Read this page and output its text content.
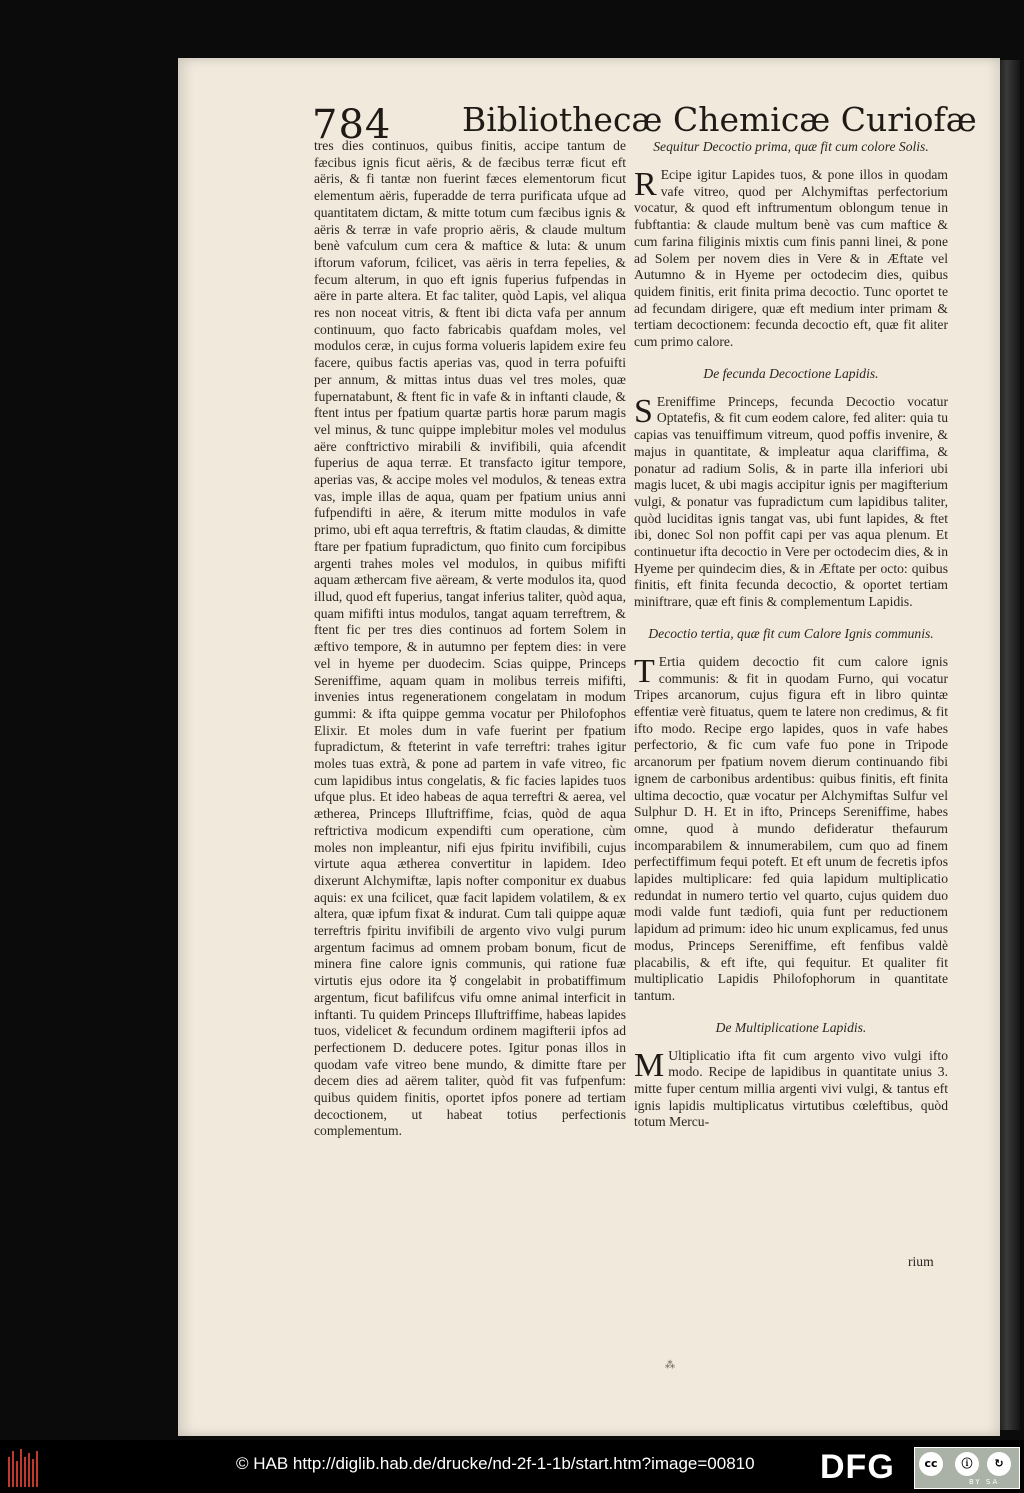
784 Bibliothecæ Chemicæ Curiofæ

tres dies continuos, quibus finitis, accipe tantum de fæcibus ignis ficut aëris, & de fæcibus terræ ficut eft aëris, & fi tantæ non fuerint fæces elementorum ficut elementum aëris, fuperadde de terra purificata ufque ad quantitatem dictam, & mitte totum cum fæcibus ignis & aëris & terræ in vafe proprio aëris, & claude multum benè vafculum cum cera & maftice & luta: & unum iftorum vaforum, fcilicet, vas aëris in terra fepelies, & fecum alterum, in quo eft ignis fuperius fufpendas in aëre in parte altera. Et fac taliter, quòd Lapis, vel aliqua res non noceat vitris, & ftent ibi dicta vafa per annum continuum, quo facto fabricabis quafdam moles, vel modulos ceræ, in cujus forma volueris lapidem exire feu facere, quibus factis aperias vas, quod in terra pofuifti per annum, & mittas intus duas vel tres moles, quæ fupernatabunt, & ftent fic in vafe & in inftanti claude, & ftent intus per fpatium quartæ partis horæ parum magis vel minus, & tunc quippe implebitur moles vel modulus aëre conftrictivo mirabili & invifibili, quia afcendit fuperius de aqua terræ. Et transfacto igitur tempore, aperias vas, & accipe moles vel modulos, & teneas extra vas, imple illas de aqua, quam per fpatium unius anni fufpendifti in aëre, & iterum mitte modulos in vafe primo, ubi eft aqua terreftris, & ftatim claudas, & dimitte ftare per fpatium fupradictum, quo finito cum forcipibus argenti trahes moles vel modulos, in quibus mififti aquam æthercam five aëream, & verte modulos ita, quod illud, quod eft fuperius, tangat inferius taliter, quòd aqua, quam mififti intus modulos, tangat aquam terreftrem, & ftent fic per tres dies continuos ad fortem Solem in æftivo tempore, & in autumno per feptem dies: in vere vel in hyeme per duodecim. Scias quippe, Princeps Sereniffime, aquam quam in molibus terreis mififti, invenies intus regenerationem congelatam in modum gummi: & ifta quippe gemma vocatur per Philofophos Elixir. Et moles dum in vafe fuerint per fpatium fupradictum, & fteterint in vafe terreftri: trahes igitur moles tuas extrà, & pone ad partem in vafe vitreo, fic cum lapidibus intus congelatis, & fic facies lapides tuos ufque plus. Et ideo habeas de aqua terreftri & aerea, vel ætherea, Princeps Illuftriffime, fcias, quòd de aqua reftrictiva modicum expendifti cum operatione, cùm moles non impleantur, nifi ejus fpiritu invifibili, cujus virtute aqua ætherea convertitur in lapidem. Ideo dixerunt Alchymiftæ, lapis nofter componitur ex duabus aquis: ex una fcilicet, quæ facit lapidem volatilem, & ex altera, quæ ipfum fixat & indurat. Cum tali quippe aquæ terreftris fpiritu invifibili de argento vivo vulgi purum argentum facimus ad omnem probam bonum, ficut de minera fine calore ignis communis, qui ratione fuæ virtutis ejus odore ita ☿ congelabit in probatiffimum argentum, ficut bafilifcus vifu omne animal interficit in inftanti. Tu quidem Princeps Illuftriffime, habeas lapides tuos, videlicet & fecundum ordinem magifterii ipfos ad perfectionem D. deducere potes. Igitur ponas illos in quodam vafe vitreo bene mundo, & dimitte ftare per decem dies ad aërem taliter, quòd fit vas fufpenfum: quibus quidem finitis, oportet ipfos ponere ad tertiam decoctionem, ut habeat totius perfectionis complementum.

Sequitur Decoctio prima, quæ fit cum colore Solis.

R Ecipe igitur Lapides tuos, & pone illos in quodam vafe vitreo, quod per Alchymiftas perfectorium vocatur, & quod eft inftrumentum oblongum tenue in fubftantia: & claude multum benè vas cum maftice & cum farina filiginis mixtis cum finis panni linei, & pone ad Solem per novem dies in Vere & in Æftate vel Autumno & in Hyeme per octodecim dies, quibus quidem finitis, erit finita prima decoctio. Tunc oportet te ad fecundam dirigere, quæ eft medium inter primam & tertiam decoctionem: fecunda decoctio eft, quæ fit aliter cum primo calore.

De fecunda Decoctione Lapidis.

S Ereniffime Princeps, fecunda Decoctio vocatur Optatefis, & fit cum eodem calore, fed aliter: quia tu capias vas tenuiffimum vitreum, quod poffis invenire, & majus in quantitate, & impleatur aqua clariffima, & ponatur ad radium Solis, & in parte illa inferiori ubi magis lucet, & ubi magis accipitur ignis per magifterium vulgi, & ponatur vas fupradictum cum lapidibus taliter, quòd luciditas ignis tangat vas, ubi funt lapides, & ftet ibi, donec Sol non poffit capi per vas aqua plenum. Et continuetur ifta decoctio in Vere per octodecim dies, & in Hyeme per quindecim dies, & in Æftate per octo: quibus finitis, eft finita fecunda decoctio, & oportet tertiam miniftrare, quæ eft finis & complementum Lapidis.

Decoctio tertia, quæ fit cum Calore Ignis communis.

T Ertia quidem decoctio fit cum calore ignis communis: & fit in quodam Furno, qui vocatur Tripes arcanorum, cujus figura eft in libro quintæ effentiæ verè fituatus, quem te latere non credimus, & fit ifto modo. Recipe ergo lapides, quos in vafe habes perfectorio, & fic cum vafe fuo pone in Tripode arcanorum per fpatium novem dierum continuando fibi ignem de carbonibus ardentibus: quibus finitis, eft finita ultima decoctio, quæ vocatur per Alchymiftas Sulfur vel Sulphur D. H. Et in ifto, Princeps Sereniffime, habes omne, quod à mundo defideratur thefaurum incomparabilem & innumerabilem, cum quo ad finem perfectiffimum fequi poteft. Et eft unum de fecretis ipfos lapides multiplicare: fed quia lapidum multiplicatio redundat in numero tertio vel quarto, cujus quidem duo modi valde funt tædiofi, quia funt per reductionem lapidum ad primum: ideo hic unum explicamus, fed unus modus, Princeps Sereniffime, eft fenfibus valdè placabilis, & eft ifte, qui fequitur. Et qualiter fit multiplicatio Lapidis Philofophorum in quantitate tantum.

De Multiplicatione Lapidis.

M Ultiplicatio ifta fit cum argento vivo vulgi ifto modo. Recipe de lapidibus in quantitate unius 3. mitte fuper centum millia argenti vivi vulgi, & tantus eft ignis lapidis multiplicatus virtutibus cœleftibus, quòd totum Mercu-

rium
⁂
© HAB http://diglib.hab.de/drucke/nd-2f-1-1b/start.htm?image=00810 DFG	cc	ⓘ	↻
BY SA
